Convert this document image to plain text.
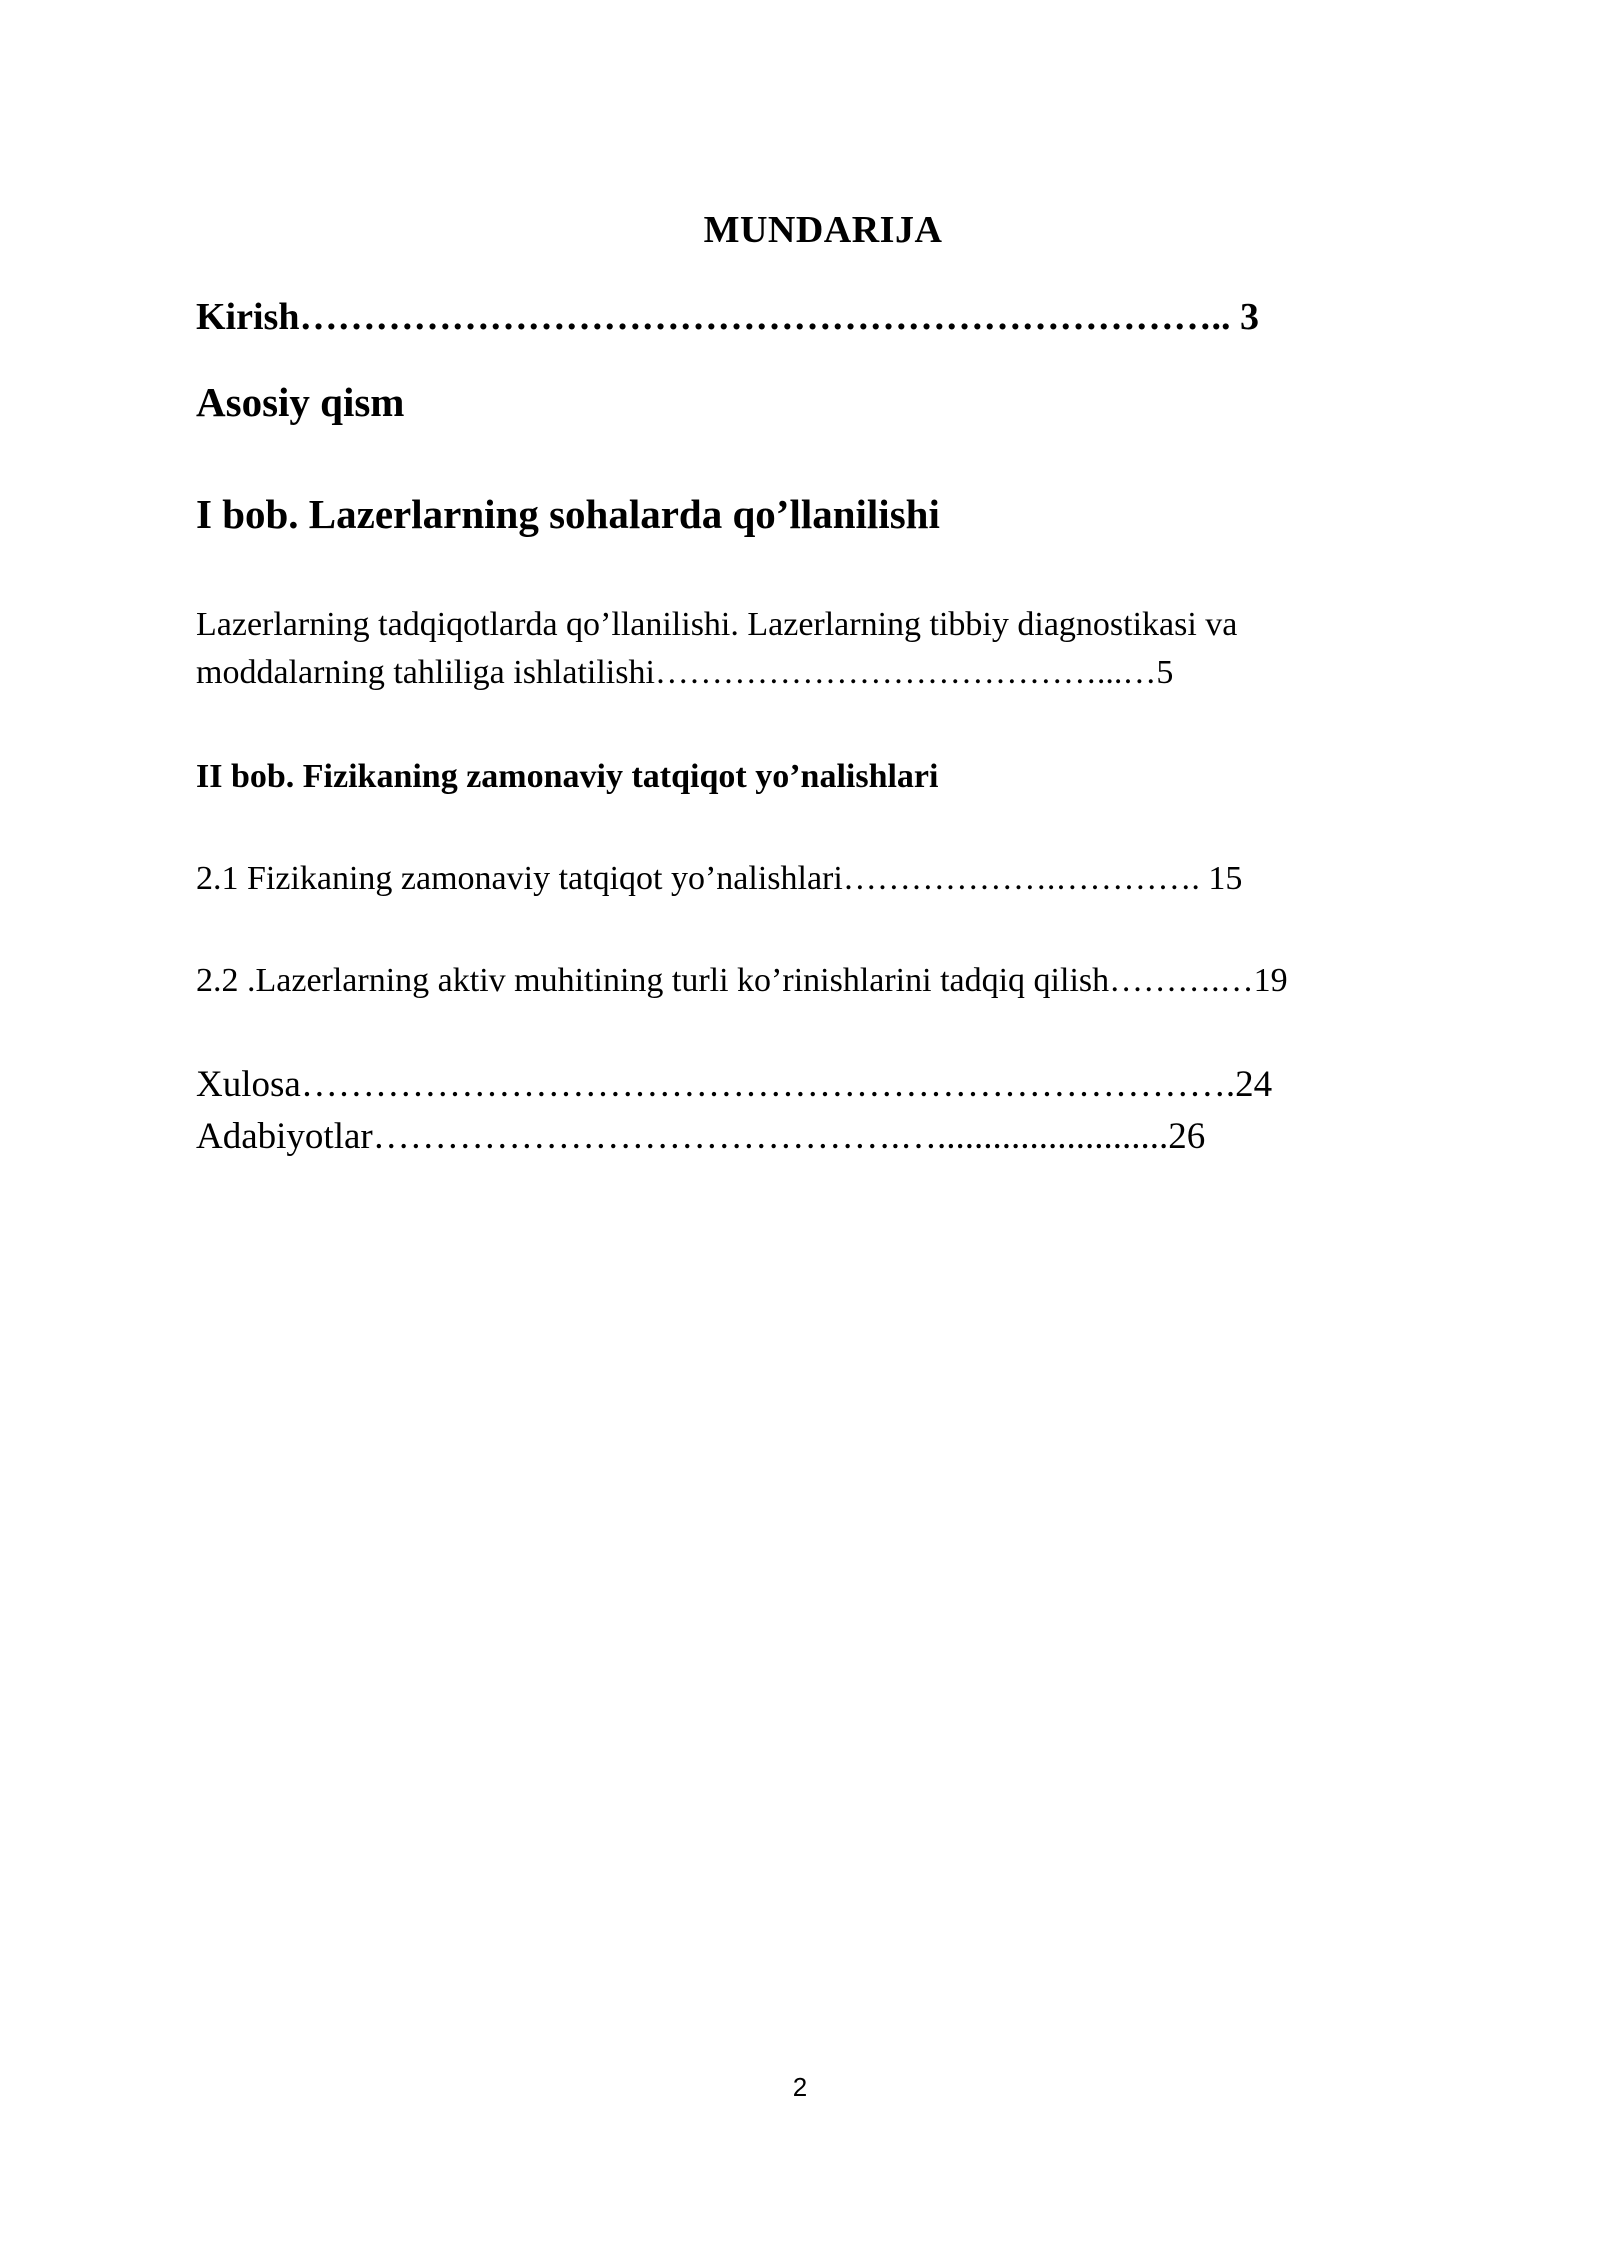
MUNDARIJA
Kirish……………………………………………………………….. 3
Asosiy qism
I bob. Lazerlarning sohalarda qo’llanilishi
Lazerlarning tadqiqotlarda qo’llanilishi. Lazerlarning tibbiy diagnostikasi va
moddalarning tahliliga ishlatilishi…………………………………...…5
II bob. Fizikaning zamonaviy tatqiqot yo’nalishlari
2.1 Fizikaning zamonaviy tatqiqot yo’nalishlari……………….…………. 15
2.2 .Lazerlarning aktiv muhitining turli ko’rinishlarini tadqiq qilish……….…19
Xulosa………………………………………………………………….24
Adabiyotlar…………………………………….….........................26
2
